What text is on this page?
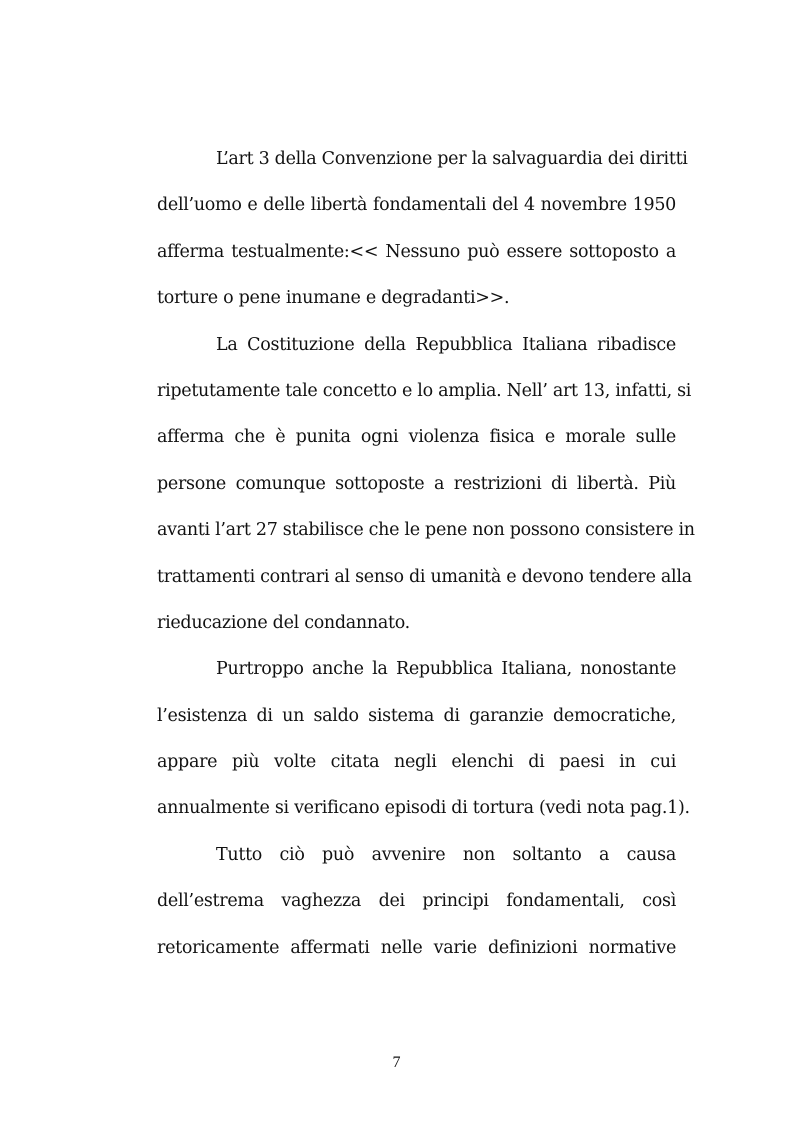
L’art 3 della Convenzione per la salvaguardia dei diritti
dell’uomo e delle libertà fondamentali del 4 novembre 1950
afferma testualmente:<< Nessuno può essere sottoposto a
torture o pene inumane e degradanti>>.
La Costituzione della Repubblica Italiana ribadisce
ripetutamente tale concetto e lo amplia. Nell’ art 13, infatti, si
afferma che è punita ogni violenza fisica e morale sulle
persone comunque sottoposte a restrizioni di libertà. Più
avanti l’art 27 stabilisce che le pene non possono consistere in
trattamenti contrari al senso di umanità e devono tendere alla
rieducazione del condannato.
Purtroppo anche la Repubblica Italiana, nonostante
l’esistenza di un saldo sistema di garanzie democratiche,
appare più volte citata negli elenchi di paesi in cui
annualmente si verificano episodi di tortura (vedi nota pag.1).
Tutto ciò può avvenire non soltanto a causa
dell’estrema vaghezza dei principi fondamentali, così
retoricamente affermati nelle varie definizioni normative
7
